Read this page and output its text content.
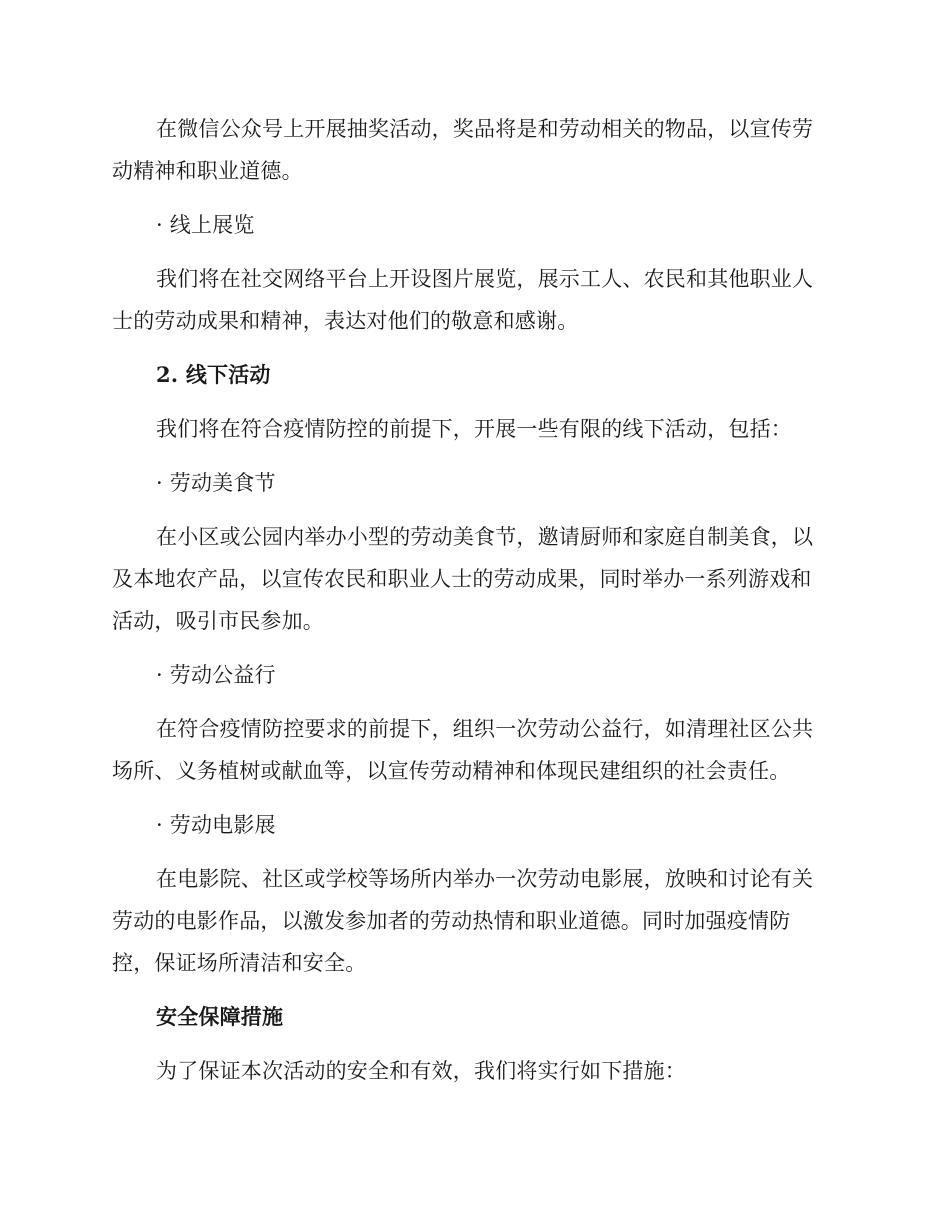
在微信公众号上开展抽奖活动，奖品将是和劳动相关的物品，以宣传劳动精神和职业道德。

· 线上展览

我们将在社交网络平台上开设图片展览，展示工人、农民和其他职业人士的劳动成果和精神，表达对他们的敬意和感谢。

2. 线下活动

我们将在符合疫情防控的前提下，开展一些有限的线下活动，包括：

· 劳动美食节

在小区或公园内举办小型的劳动美食节，邀请厨师和家庭自制美食，以及本地农产品，以宣传农民和职业人士的劳动成果，同时举办一系列游戏和活动，吸引市民参加。

· 劳动公益行

在符合疫情防控要求的前提下，组织一次劳动公益行，如清理社区公共场所、义务植树或献血等，以宣传劳动精神和体现民建组织的社会责任。

· 劳动电影展

在电影院、社区或学校等场所内举办一次劳动电影展，放映和讨论有关劳动的电影作品，以激发参加者的劳动热情和职业道德。同时加强疫情防控，保证场所清洁和安全。

安全保障措施

为了保证本次活动的安全和有效，我们将实行如下措施：
